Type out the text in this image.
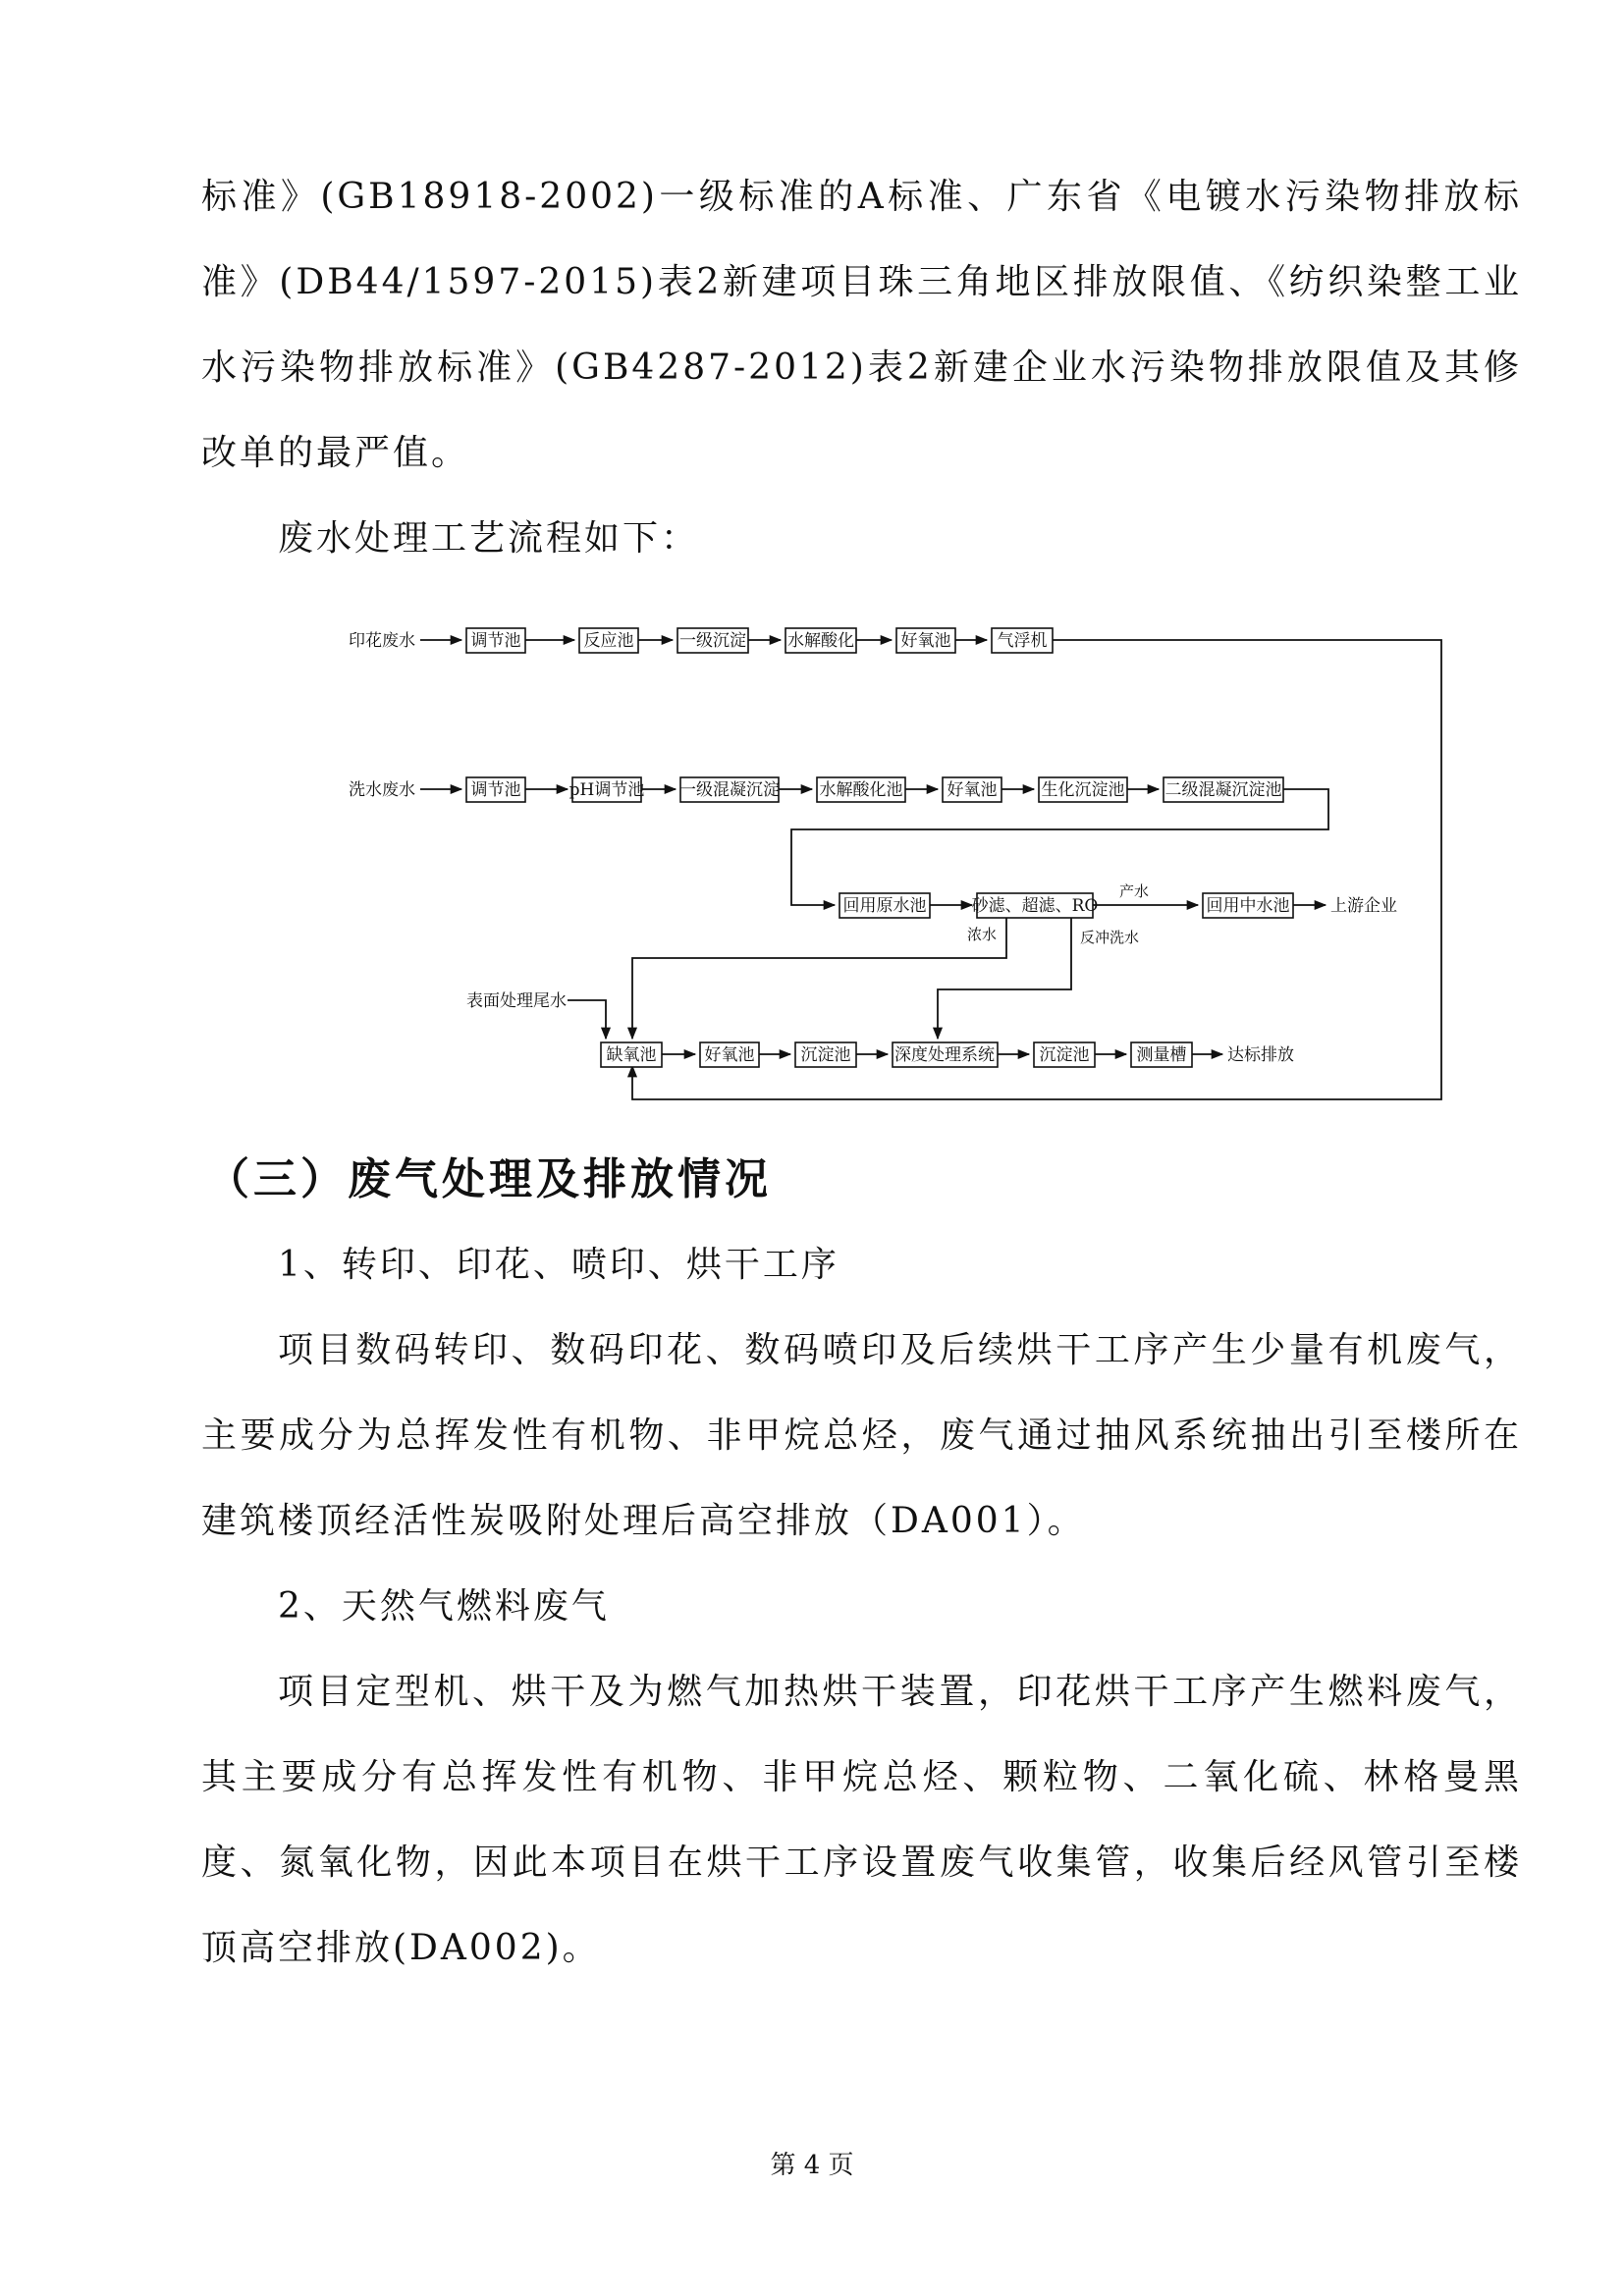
标准》(GB18918-2002)一级标准的A标准、广东省《电镀水污染物排放标准》(DB44/1597-2015)表2新建项目珠三角地区排放限值、《纺织染整工业水污染物排放标准》(GB4287-2012)表2新建企业水污染物排放限值及其修改单的最严值。

废水处理工艺流程如下：

印花废水	调节池	反应池	一级沉淀 水解酸化	好氧池	气浮机
洗水废水	调节池	pH调节池 一级混凝沉淀 水解酸化池	好氧池	生化沉淀池 二级混凝沉淀池
回用原水池	砂滤、超滤、RO
产水
回用中水池 上游企业
浓水	反冲洗水
表面处理尾水
缺氧池	好氧池	沉淀池	深度处理系统	沉淀池	测量槽 达标排放
（三）废气处理及排放情况

1、转印、印花、喷印、烘干工序

项目数码转印、数码印花、数码喷印及后续烘干工序产生少量有机废气，主要成分为总挥发性有机物、非甲烷总烃，废气通过抽风系统抽出引至楼所在建筑楼顶经活性炭吸附处理后高空排放（DA001）。

2、天然气燃料废气

项目定型机、烘干及为燃气加热烘干装置，印花烘干工序产生燃料废气，其主要成分有总挥发性有机物、非甲烷总烃、颗粒物、二氧化硫、林格曼黑度、氮氧化物，因此本项目在烘干工序设置废气收集管，收集后经风管引至楼顶高空排放(DA002)。

第 4 页
